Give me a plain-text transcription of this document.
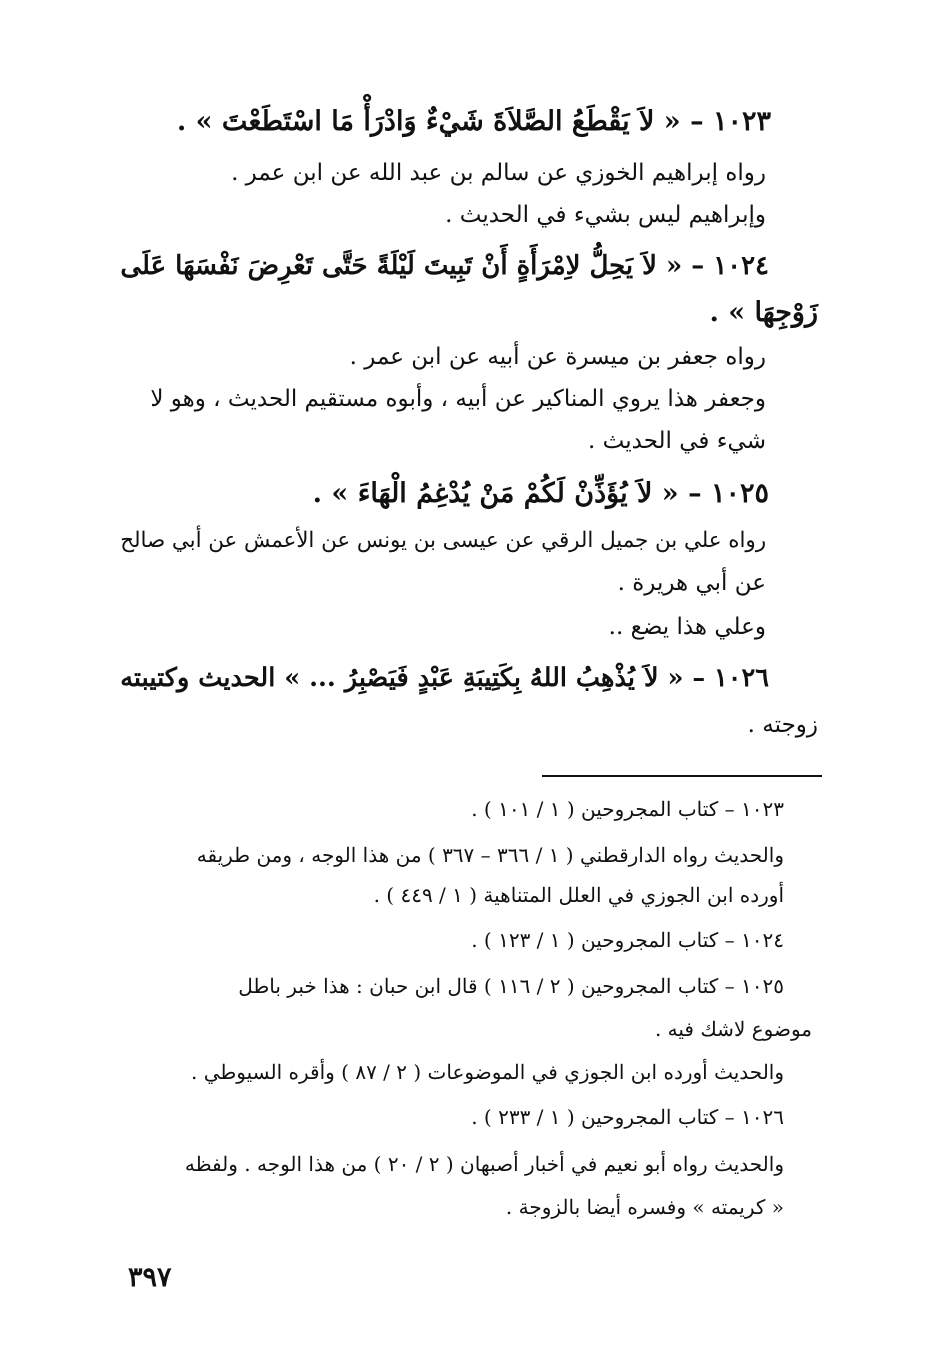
١٠٢٣ – « لاَ يَقْطَعُ الصَّلاَةَ شَيْءٌ وَادْرَأْ مَا اسْتَطَعْتَ » .
رواه إبراهيم الخوزي عن سالم بن عبد الله عن ابن عمر .
وإبراهيم ليس بشيء في الحديث .
١٠٢٤ – « لاَ يَحِلُّ لاِمْرَأَةٍ أَنْ تَبِيتَ لَيْلَةً حَتَّى تَعْرِضَ نَفْسَهَا عَلَى
زَوْجِهَا » .
رواه جعفر بن ميسرة عن أبيه عن ابن عمر .
وجعفر هذا يروي المناكير عن أبيه ، وأبوه مستقيم الحديث ، وهو لا
شيء في الحديث .
١٠٢٥ – « لاَ يُؤَذِّنْ لَكُمْ مَنْ يُدْغِمُ الْهَاءَ » .
رواه علي بن جميل الرقي عن عيسى بن يونس عن الأعمش عن أبي صالح
عن أبي هريرة .
وعلي هذا يضع ..
١٠٢٦ – « لاَ يُذْهِبُ اللهُ بِكَتِيبَةِ عَبْدٍ فَيَصْبِرُ ... » الحديث وكتيبته
زوجته .
١٠٢٣ – كتاب المجروحين ( ١ / ١٠١ ) .
والحديث رواه الدارقطني ( ١ / ٣٦٦ – ٣٦٧ ) من هذا الوجه ، ومن طريقه
أورده ابن الجوزي في العلل المتناهية ( ١ / ٤٤٩ ) .
١٠٢٤ – كتاب المجروحين ( ١ / ١٢٣ ) .
١٠٢٥ – كتاب المجروحين ( ٢ / ١١٦ ) قال ابن حبان : هذا خبر باطل
موضوع لاشك فيه .
والحديث أورده ابن الجوزي في الموضوعات ( ٢ / ٨٧ ) وأقره السيوطي .
١٠٢٦ – كتاب المجروحين ( ١ / ٢٣٣ ) .
والحديث رواه أبو نعيم في أخبار أصبهان ( ٢ / ٢٠ ) من هذا الوجه . ولفظه
« كريمته » وفسره أيضا بالزوجة .
٣٩٧
